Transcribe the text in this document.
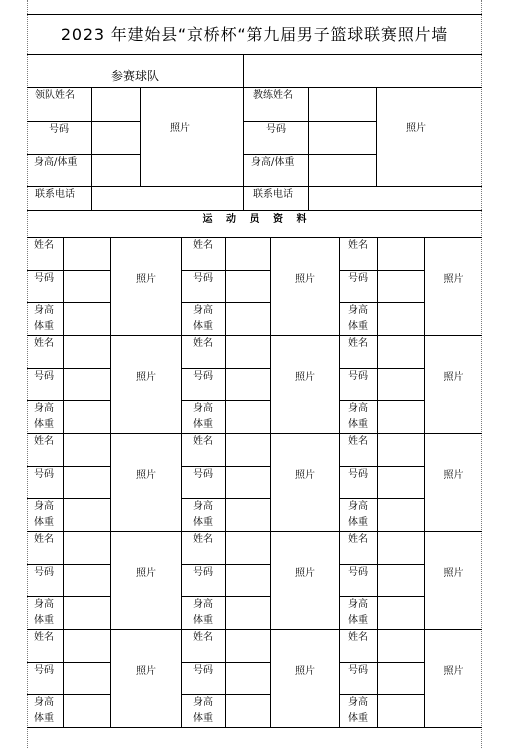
2023 年建始县“京桥杯“第九届男子篮球联赛照片墙
参赛球队
领队姓名
照片
号码
身高/体重
联系电话
教练姓名
照片
号码
身高/体重
联系电话
运 动 员 资 料
姓名
号码
身高
体重
照片
姓名
号码
身高
体重
照片
姓名
号码
身高
体重
照片
姓名
号码
身高
体重
照片
姓名
号码
身高
体重
照片
姓名
号码
身高
体重
照片
姓名
号码
身高
体重
照片
姓名
号码
身高
体重
照片
姓名
号码
身高
体重
照片
姓名
号码
身高
体重
照片
姓名
号码
身高
体重
照片
姓名
号码
身高
体重
照片
姓名
号码
身高
体重
照片
姓名
号码
身高
体重
照片
姓名
号码
身高
体重
照片
